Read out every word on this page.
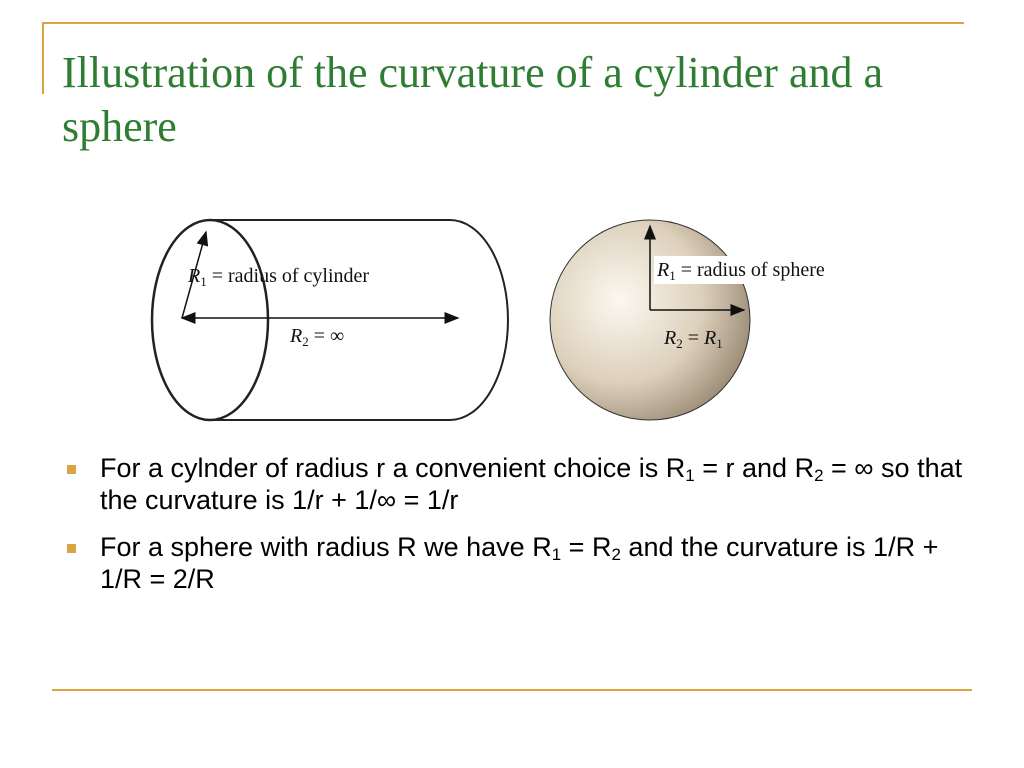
Illustration of the curvature of a cylinder and a sphere
$R_1$ = radius of cylinder
$R_2$ = ∞
$R_1$ = radius of sphere
$R_2 = R_1$
For a cylnder of radius r a convenient choice is $R_1 = r$ and $R_2$ = ∞ so that the curvature is 1/r + 1/∞ = 1/r
For a sphere with radius R we have $R_1 = R_2$ and the curvature is 1/R + 1/R = 2/R
